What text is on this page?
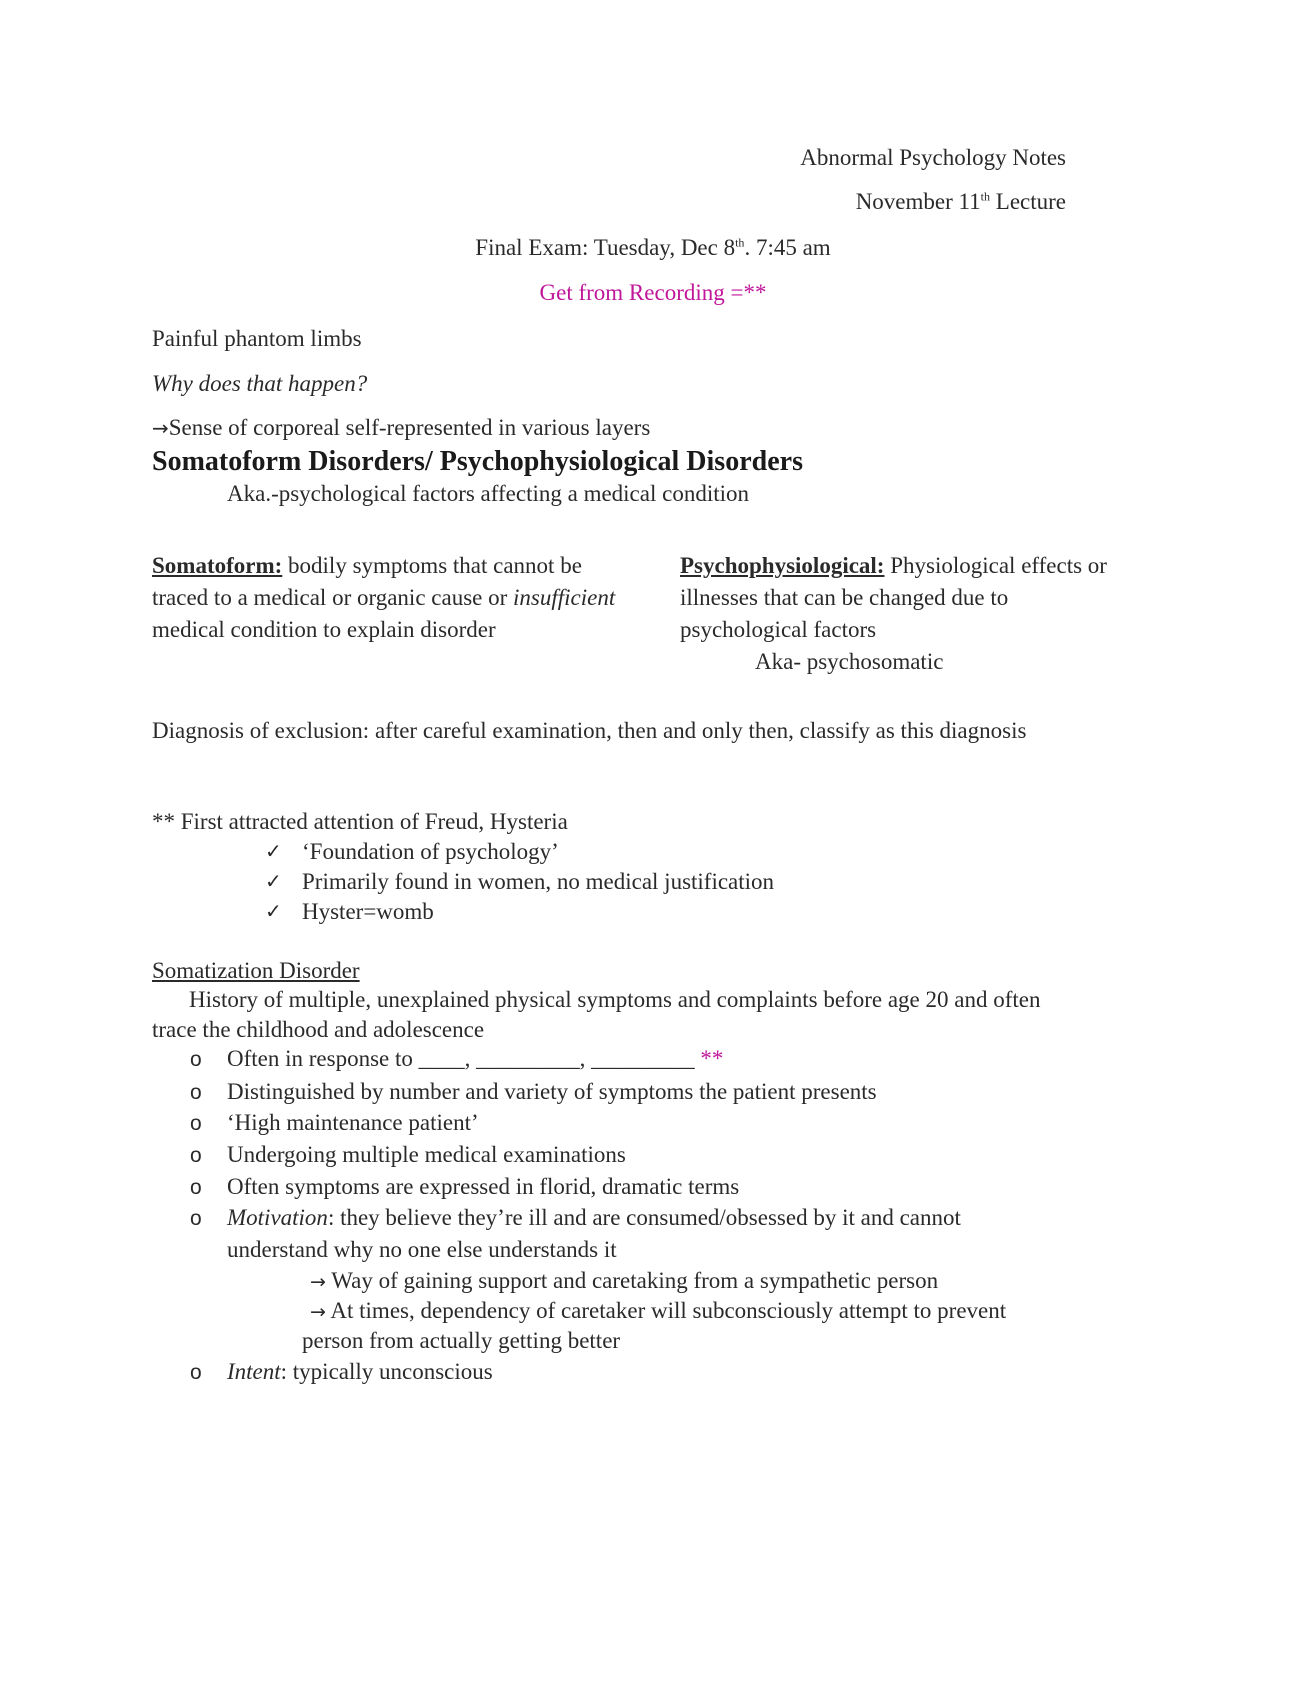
Abnormal Psychology Notes
November 11th Lecture
Final Exam: Tuesday, Dec 8th. 7:45 am
Get from Recording =**
Painful phantom limbs
Why does that happen?
→Sense of corporeal self-represented in various layers
Somatoform Disorders/ Psychophysiological Disorders
Aka.-psychological factors affecting a medical condition
Somatoform: bodily symptoms that cannot be traced to a medical or organic cause or insufficient medical condition to explain disorder
Psychophysiological: Physiological effects or illnesses that can be changed due to psychological factors
Aka- psychosomatic
Diagnosis of exclusion: after careful examination, then and only then, classify as this diagnosis
** First attracted attention of Freud, Hysteria
✓ ‘Foundation of psychology’
✓ Primarily found in women, no medical justification
✓ Hyster=womb
Somatization Disorder
History of multiple, unexplained physical symptoms and complaints before age 20 and often
trace the childhood and adolescence
o Often in response to ____, _________, _________ **
o Distinguished by number and variety of symptoms the patient presents
o ‘High maintenance patient’
o Undergoing multiple medical examinations
o Often symptoms are expressed in florid, dramatic terms
o Motivation: they believe they’re ill and are consumed/obsessed by it and cannot
understand why no one else understands it
→ Way of gaining support and caretaking from a sympathetic person
→ At times, dependency of caretaker will subconsciously attempt to prevent
person from actually getting better
o Intent: typically unconscious
